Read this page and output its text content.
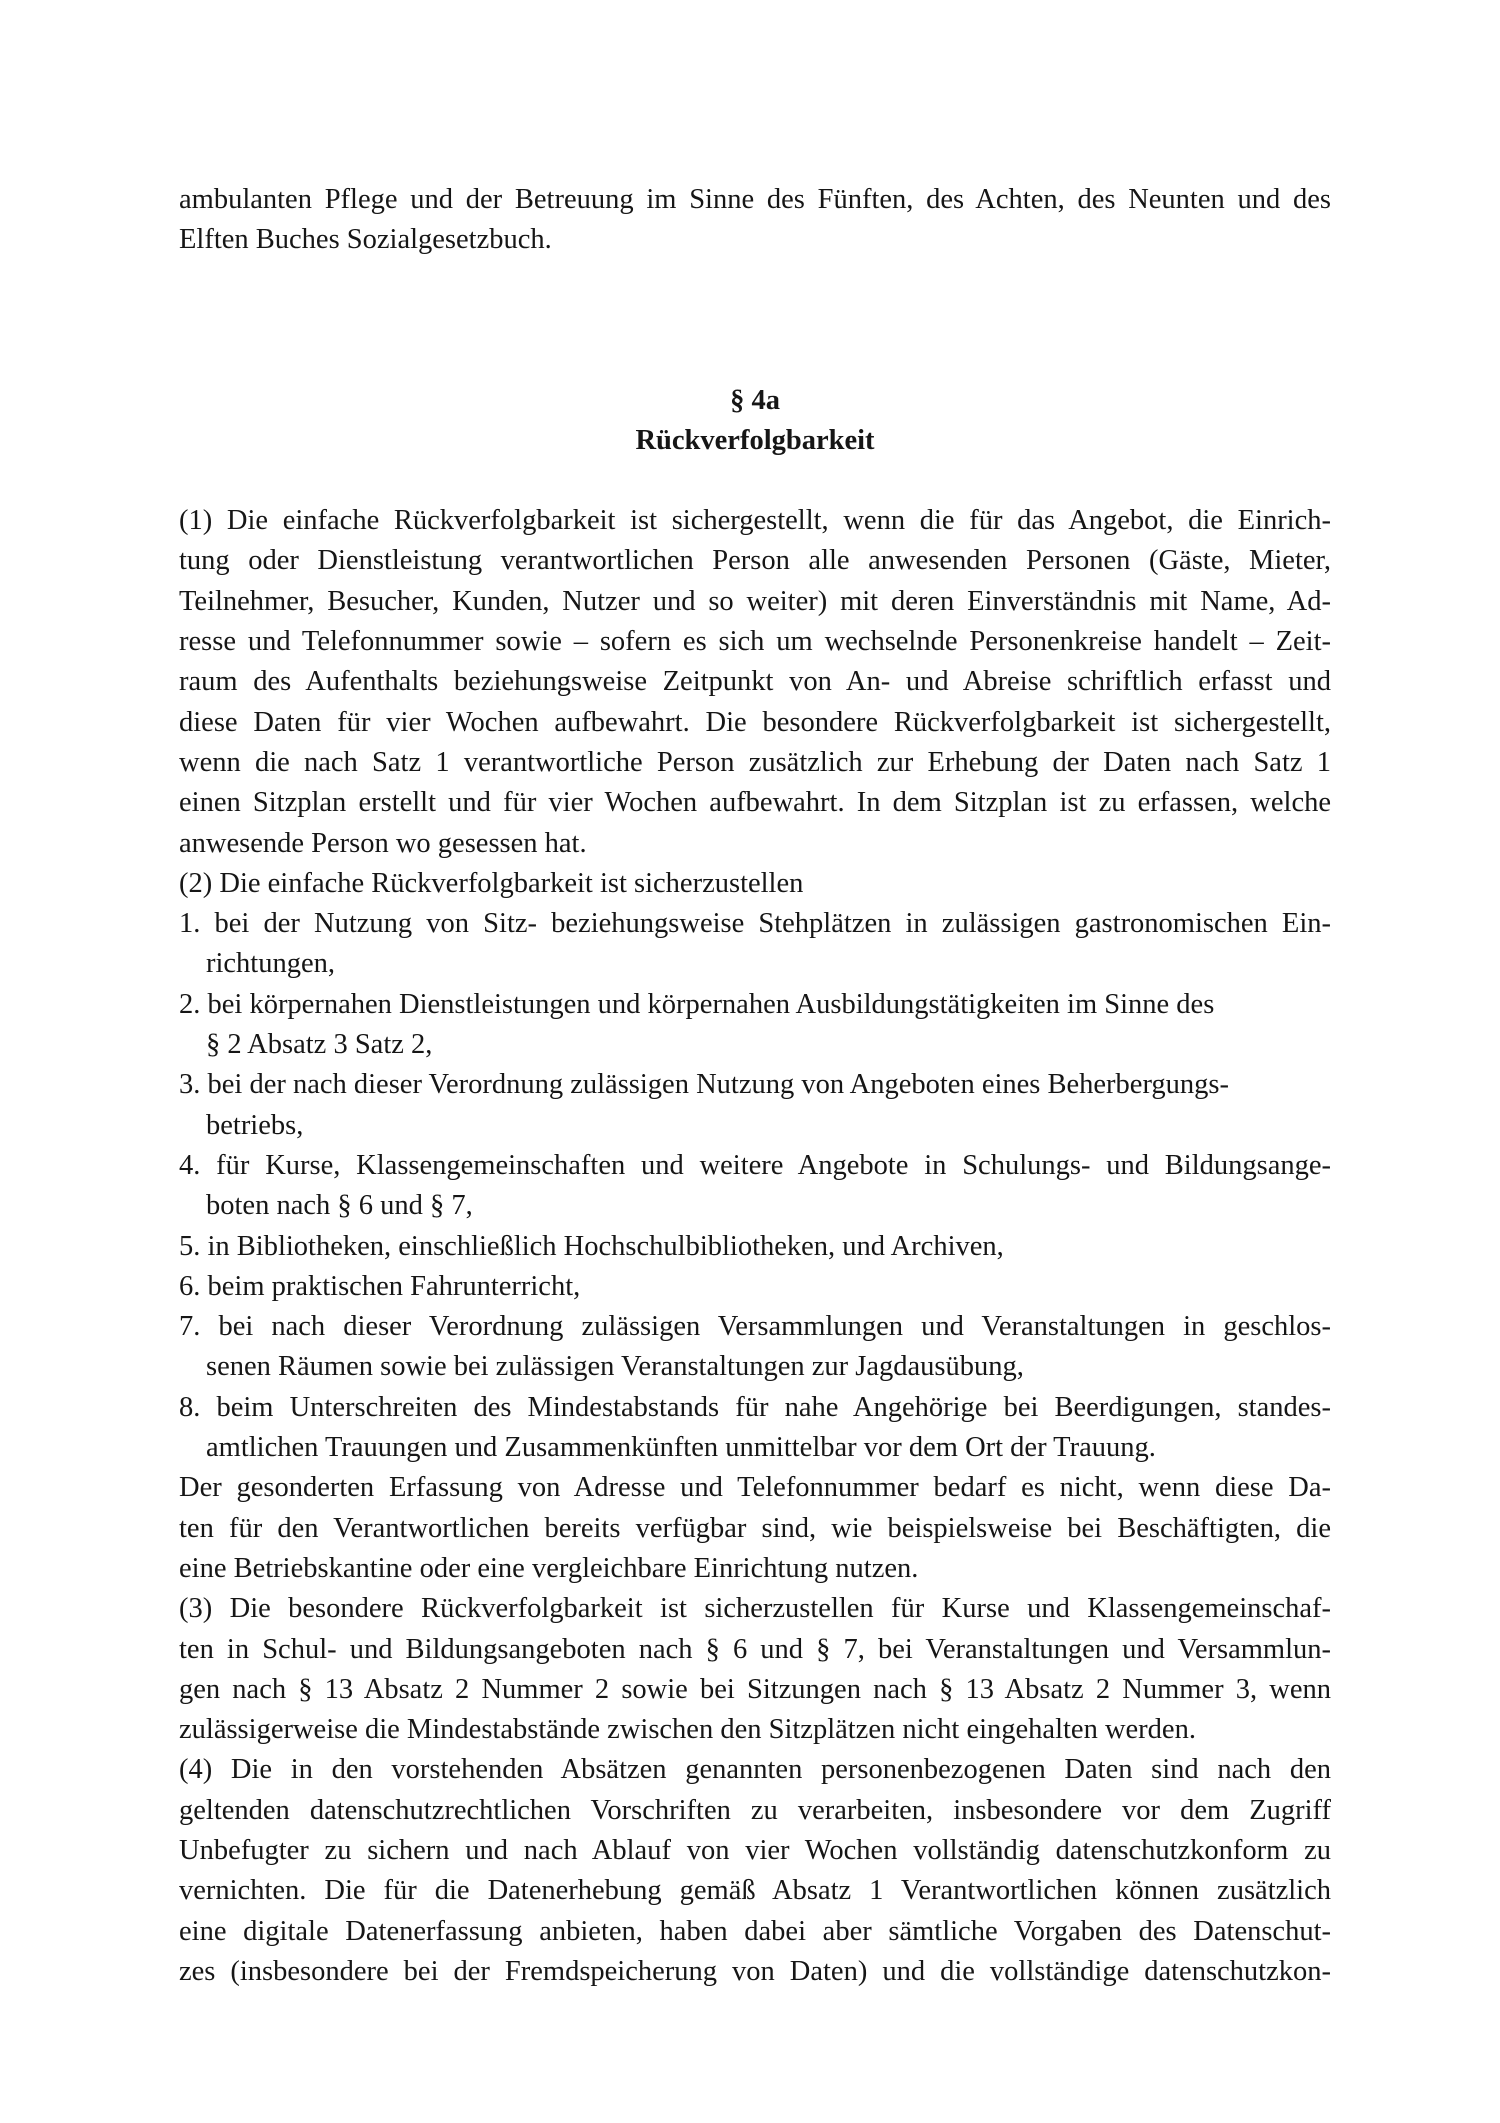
ambulanten Pflege und der Betreuung im Sinne des Fünften, des Achten, des Neunten und des
Elften Buches Sozialgesetzbuch.
§ 4a
Rückverfolgbarkeit
(1) Die einfache Rückverfolgbarkeit ist sichergestellt, wenn die für das Angebot, die Einrich-
tung oder Dienstleistung verantwortlichen Person alle anwesenden Personen (Gäste, Mieter,
Teilnehmer, Besucher, Kunden, Nutzer und so weiter) mit deren Einverständnis mit Name, Ad-
resse und Telefonnummer sowie – sofern es sich um wechselnde Personenkreise handelt – Zeit-
raum des Aufenthalts beziehungsweise Zeitpunkt von An- und Abreise schriftlich erfasst und
diese Daten für vier Wochen aufbewahrt. Die besondere Rückverfolgbarkeit ist sichergestellt,
wenn die nach Satz 1 verantwortliche Person zusätzlich zur Erhebung der Daten nach Satz 1
einen Sitzplan erstellt und für vier Wochen aufbewahrt. In dem Sitzplan ist zu erfassen, welche
anwesende Person wo gesessen hat.
(2) Die einfache Rückverfolgbarkeit ist sicherzustellen
1. bei der Nutzung von Sitz- beziehungsweise Stehplätzen in zulässigen gastronomischen Ein-
richtungen,
2. bei körpernahen Dienstleistungen und körpernahen Ausbildungstätigkeiten im Sinne des
§ 2 Absatz 3 Satz 2,
3. bei der nach dieser Verordnung zulässigen Nutzung von Angeboten eines Beherbergungs-
betriebs,
4. für Kurse, Klassengemeinschaften und weitere Angebote in Schulungs- und Bildungsange-
boten nach § 6 und § 7,
5. in Bibliotheken, einschließlich Hochschulbibliotheken, und Archiven,
6. beim praktischen Fahrunterricht,
7. bei nach dieser Verordnung zulässigen Versammlungen und Veranstaltungen in geschlos-
senen Räumen sowie bei zulässigen Veranstaltungen zur Jagdausübung,
8. beim Unterschreiten des Mindestabstands für nahe Angehörige bei Beerdigungen, standes-
amtlichen Trauungen und Zusammenkünften unmittelbar vor dem Ort der Trauung.
Der gesonderten Erfassung von Adresse und Telefonnummer bedarf es nicht, wenn diese Da-
ten für den Verantwortlichen bereits verfügbar sind, wie beispielsweise bei Beschäftigten, die
eine Betriebskantine oder eine vergleichbare Einrichtung nutzen.
(3) Die besondere Rückverfolgbarkeit ist sicherzustellen für Kurse und Klassengemeinschaf-
ten in Schul- und Bildungsangeboten nach § 6 und § 7, bei Veranstaltungen und Versammlun-
gen nach § 13 Absatz 2 Nummer 2 sowie bei Sitzungen nach § 13 Absatz 2 Nummer 3, wenn
zulässigerweise die Mindestabstände zwischen den Sitzplätzen nicht eingehalten werden.
(4) Die in den vorstehenden Absätzen genannten personenbezogenen Daten sind nach den
geltenden datenschutzrechtlichen Vorschriften zu verarbeiten, insbesondere vor dem Zugriff
Unbefugter zu sichern und nach Ablauf von vier Wochen vollständig datenschutzkonform zu
vernichten. Die für die Datenerhebung gemäß Absatz 1 Verantwortlichen können zusätzlich
eine digitale Datenerfassung anbieten, haben dabei aber sämtliche Vorgaben des Datenschut-
zes (insbesondere bei der Fremdspeicherung von Daten) und die vollständige datenschutzkon-
